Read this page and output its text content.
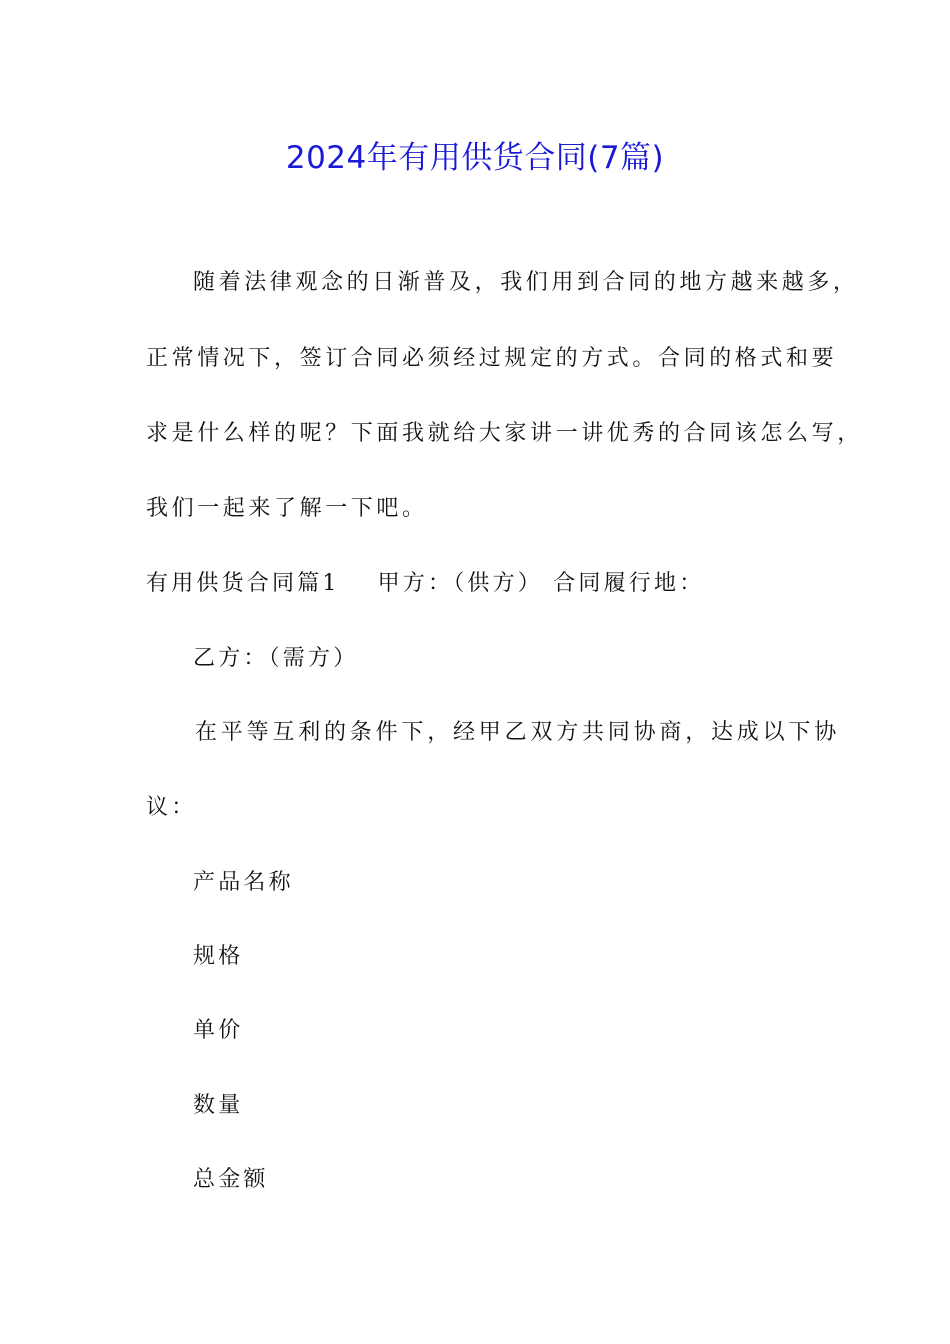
2024年有用供货合同(7篇)
随着法律观念的日渐普及，我们用到合同的地方越来越多，
正常情况下，签订合同必须经过规定的方式。合同的格式和要
求是什么样的呢？下面我就给大家讲一讲优秀的合同该怎么写，
我们一起来了解一下吧。
有用供货合同篇1 甲方：（供方） 合同履行地：
乙方：（需方）
在平等互利的条件下，经甲乙双方共同协商，达成以下协
议：
产品名称
规格
单价
数量
总金额
